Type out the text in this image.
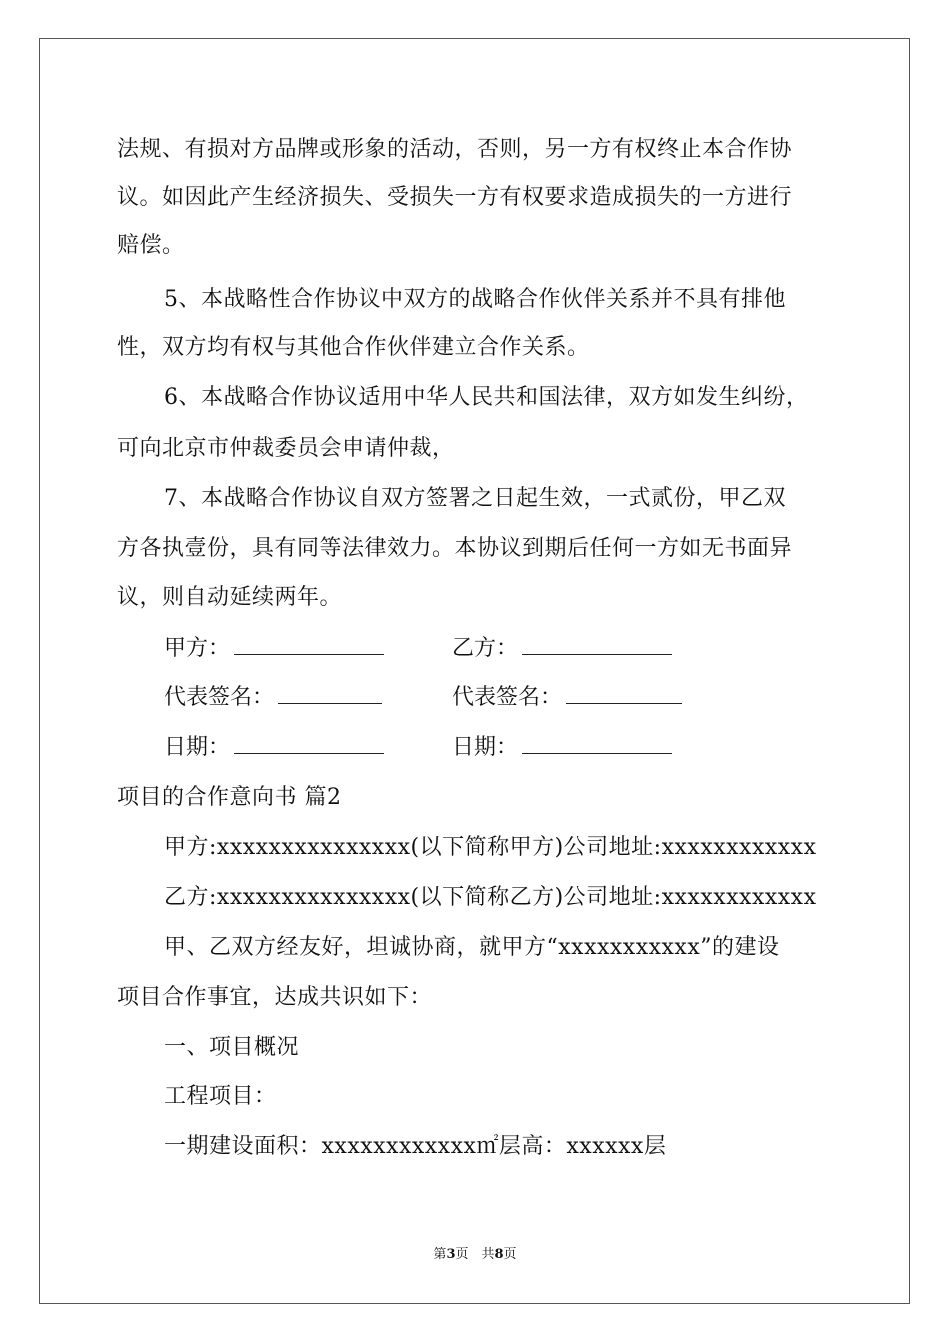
法规、有损对方品牌或形象的活动，否则，另一方有权终止本合作协
议。如因此产生经济损失、受损失一方有权要求造成损失的一方进行
赔偿。
5、本战略性合作协议中双方的战略合作伙伴关系并不具有排他
性，双方均有权与其他合作伙伴建立合作关系。
6、本战略合作协议适用中华人民共和国法律，双方如发生纠纷，
可向北京市仲裁委员会申请仲裁，
7、本战略合作协议自双方签署之日起生效，一式贰份，甲乙双
方各执壹份，具有同等法律效力。本协议到期后任何一方如无书面异
议，则自动延续两年。
甲方：	乙方：
代表签名：	代表签名：
日期：	日期：
项目的合作意向书 篇2
甲方:xxxxxxxxxxxxxxx(以下简称甲方)公司地址:xxxxxxxxxxxx
乙方:xxxxxxxxxxxxxxx(以下简称乙方)公司地址:xxxxxxxxxxxx
甲、乙双方经友好，坦诚协商，就甲方“xxxxxxxxxxx”的建设
项目合作事宜，达成共识如下：
一、项目概况
工程项目：
一期建设面积：xxxxxxxxxxxx㎡层高：xxxxxx层
第3页　共8页
